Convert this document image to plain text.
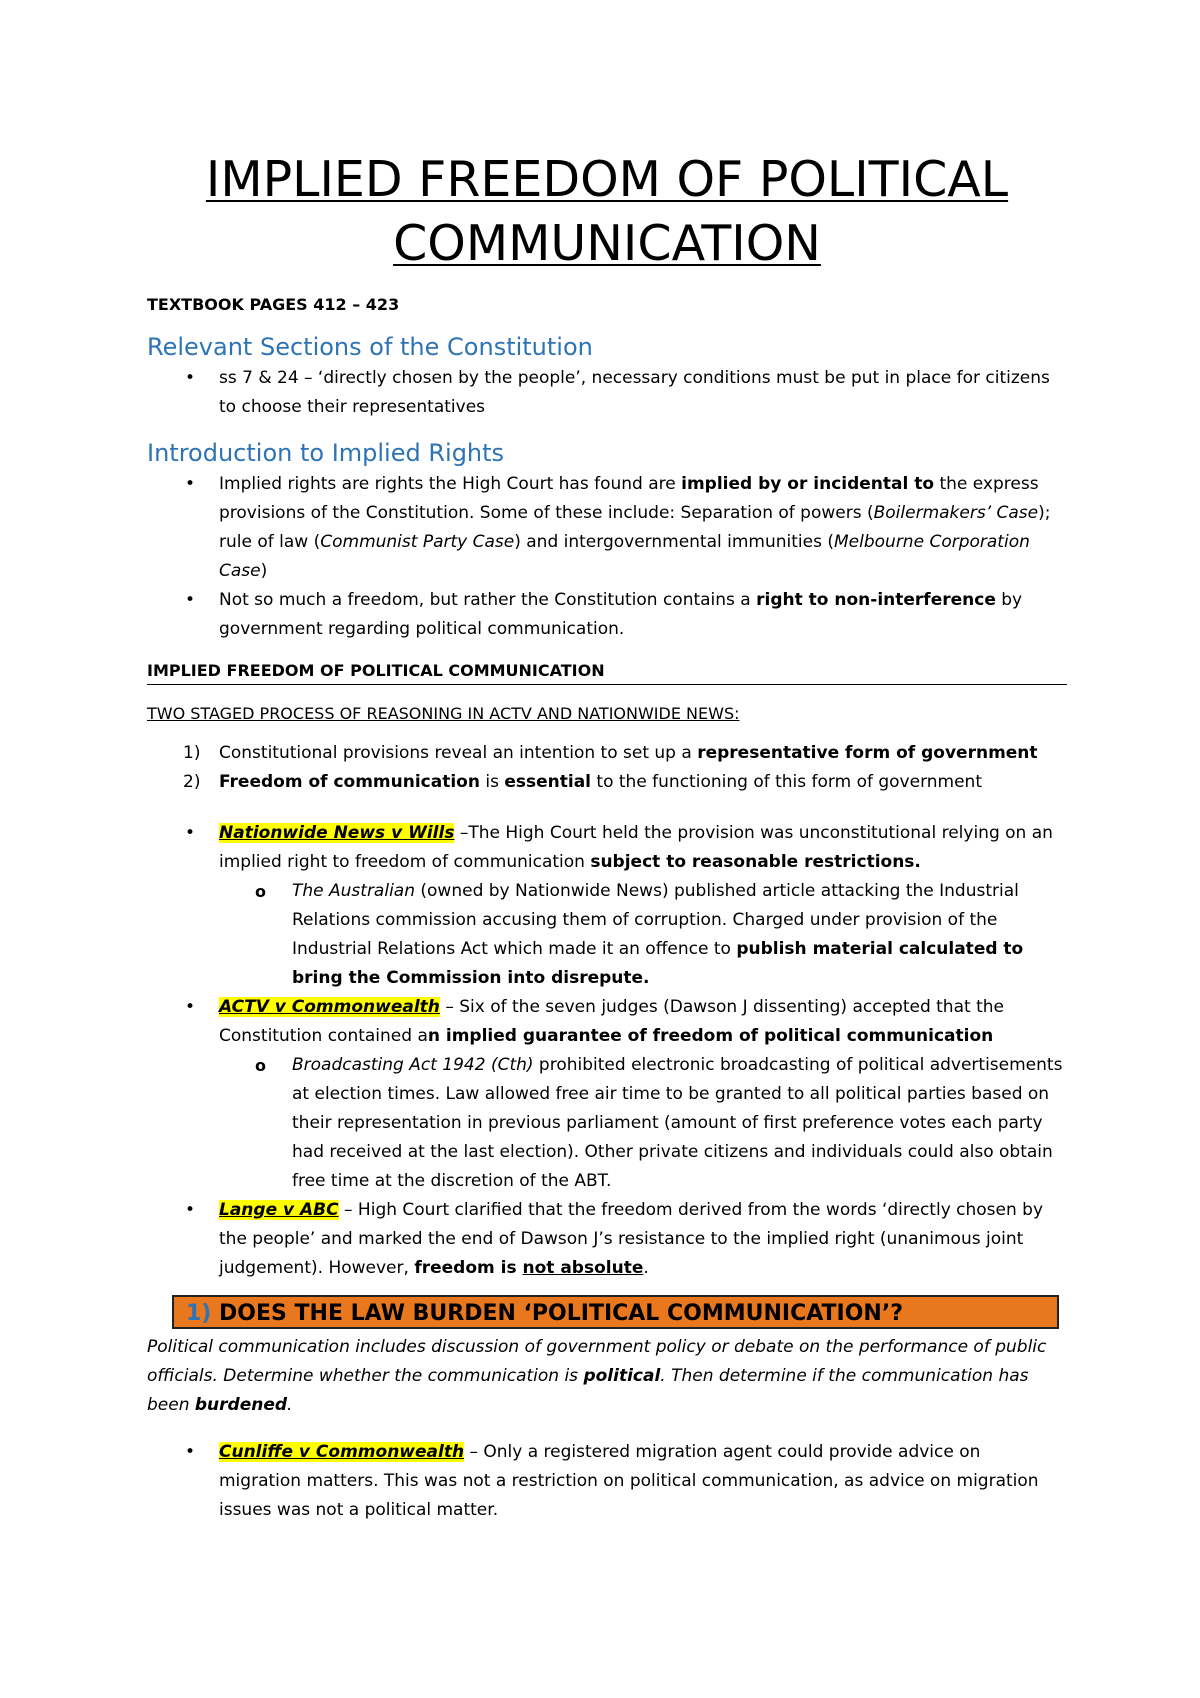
IMPLIED FREEDOM OF POLITICAL
COMMUNICATION

TEXTBOOK PAGES 412 – 423

Relevant Sections of the Constitution
• ss 7 & 24 – ‘directly chosen by the people’, necessary conditions must be put in place for citizens to choose their representatives
Introduction to Implied Rights
• Implied rights are rights the High Court has found are implied by or incidental to the express provisions of the Constitution. Some of these include: Separation of powers (Boilermakers’ Case); rule of law (Communist Party Case) and intergovernmental immunities (Melbourne Corporation Case)
• Not so much a freedom, but rather the Constitution contains a right to non-interference by government regarding political communication.

IMPLIED FREEDOM OF POLITICAL COMMUNICATION

TWO STAGED PROCESS OF REASONING IN ACTV AND NATIONWIDE NEWS:

1) Constitutional provisions reveal an intention to set up a representative form of government
2) Freedom of communication is essential to the functioning of this form of government
• Nationwide News v Wills –The High Court held the provision was unconstitutional relying on an implied right to freedom of communication subject to reasonable restrictions.
o The Australian (owned by Nationwide News) published article attacking the Industrial Relations commission accusing them of corruption. Charged under provision of the Industrial Relations Act which made it an offence to publish material calculated to bring the Commission into disrepute.
• ACTV v Commonwealth – Six of the seven judges (Dawson J dissenting) accepted that the Constitution contained an implied guarantee of freedom of political communication
o Broadcasting Act 1942 (Cth) prohibited electronic broadcasting of political advertisements at election times. Law allowed free air time to be granted to all political parties based on their representation in previous parliament (amount of first preference votes each party had received at the last election). Other private citizens and individuals could also obtain free time at the discretion of the ABT.
• Lange v ABC – High Court clarified that the freedom derived from the words ‘directly chosen by the people’ and marked the end of Dawson J’s resistance to the implied right (unanimous joint judgement). However, freedom is not absolute.
1) DOES THE LAW BURDEN ‘POLITICAL COMMUNICATION’?

Political communication includes discussion of government policy or debate on the performance of public officials. Determine whether the communication is political. Then determine if the communication has been burdened.

• Cunliffe v Commonwealth – Only a registered migration agent could provide advice on migration matters. This was not a restriction on political communication, as advice on migration issues was not a political matter.
